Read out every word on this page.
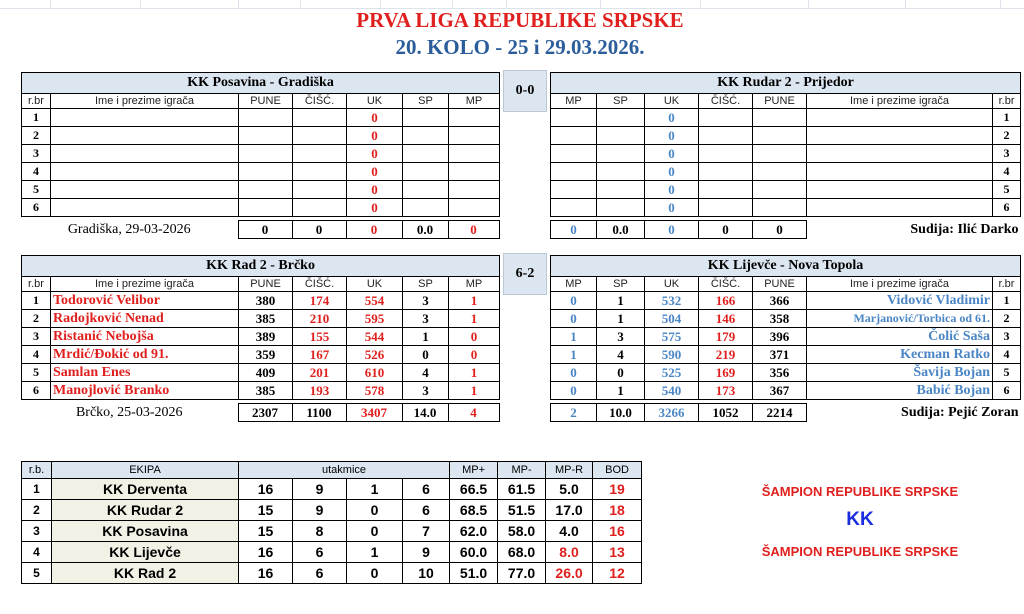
PRVA LIGA REPUBLIKE SRPSKE
20. KOLO - 25 i 29.03.2026.
KK Posavina - Gradiška						
r.br	Ime i prezime igrača	PUNE	ČIŠĆ.	UK	SP	MP
1				0		
2				0		
3				0		
4				0		
5				0		
6				0		
0-0
KK Rudar 2 - Prijedor						
MP	SP	UK	ČIŠĆ.	PUNE	Ime i prezime igrača	r.br
		0				1
		0				2
		0				3
		0				4
		0				5
		0				6
Gradiška, 29-03-2026	0	0	0	0.0	0	0	0.0	0	0	0	Sudija: Ilić Darko
KK Rad 2 - Brčko						
r.br	Ime i prezime igrača	PUNE	ČIŠĆ.	UK	SP	MP
1	Todorović Velibor	380	174	554	3	1
2	Radojković Nenad	385	210	595	3	1
3	Ristanić Nebojša	389	155	544	1	0
4	Mrdić/Đokić od 91.	359	167	526	0	0
5	Samlan Enes	409	201	610	4	1
6	Manojlović Branko	385	193	578	3	1
6-2
KK Lijevče - Nova Topola						
MP	SP	UK	ČIŠĆ.	PUNE	Ime i prezime igrača	r.br
0	1	532	166	366	Vidović Vladimir	1
0	1	504	146	358	Marjanović/Torbica od 61.	2
1	3	575	179	396	Čolić Saša	3
1	4	590	219	371	Kecman Ratko	4
0	0	525	169	356	Šavija Bojan	5
0	1	540	173	367	Babić Bojan	6
Brčko, 25-03-2026	2307	1100	3407	14.0	4	2	10.0	3266	1052	2214	Sudija: Pejić Zoran
r.b.	EKIPA	utakmice				MP+	MP-	MP-R	BOD
1	KK Derventa	16	9	1	6	66.5	61.5	5.0	19
2	KK Rudar 2	15	9	0	6	68.5	51.5	17.0	18
3	KK Posavina	15	8	0	7	62.0	58.0	4.0	16
4	KK Lijevče	16	6	1	9	60.0	68.0	8.0	13
5	KK Rad 2	16	6	0	10	51.0	77.0	26.0	12
ŠAMPION REPUBLIKE SRPSKE
KK
ŠAMPION REPUBLIKE SRPSKE
